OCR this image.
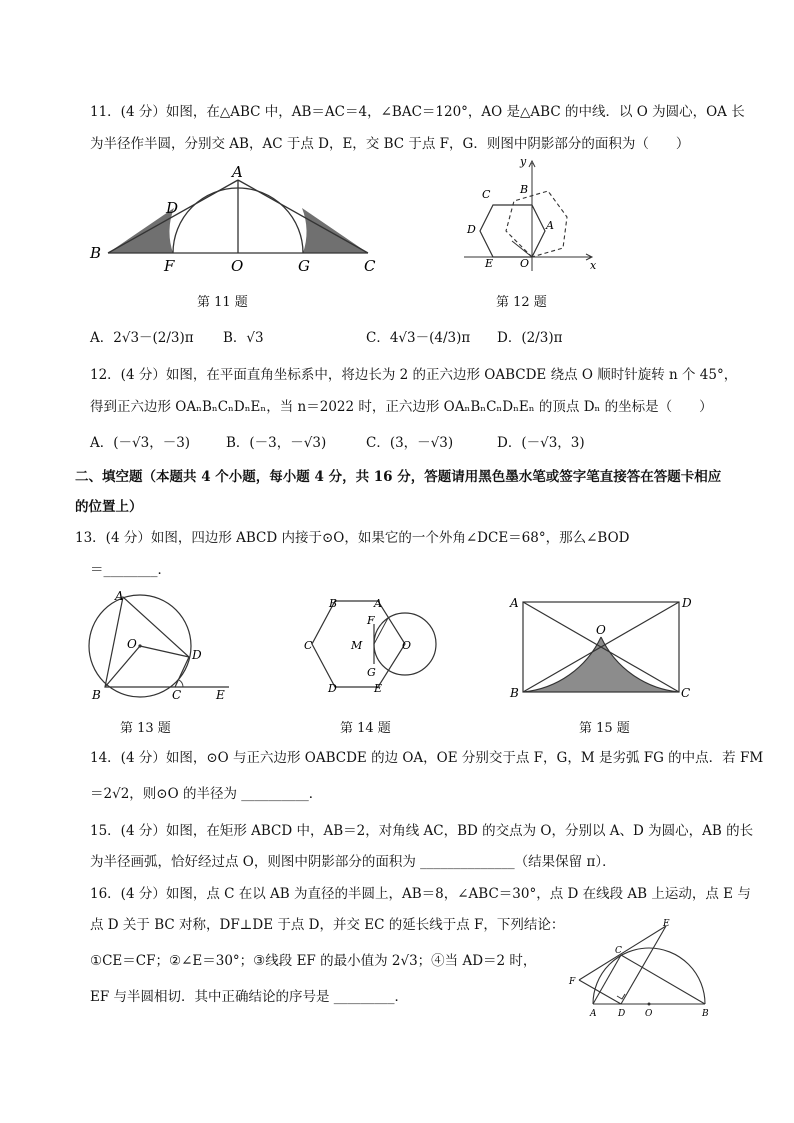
11．(4 分）如图，在△ABC 中，AB＝AC＝4，∠BAC＝120°，AO 是△ABC 的中线．以 O 为圆心，OA 长
为半径作半圆，分别交 AB，AC 于点 D，E，交 BC 于点 F，G．则图中阴影部分的面积为（　　）
A
B
C
D
F	O	G
y
x
O
A
B
C
D
E
第 11 题	第 12 题
A．2√3－(2/3)π B．√3	C．4√3－(4/3)π D．(2/3)π
12．(4 分）如图，在平面直角坐标系中，将边长为 2 的正六边形 OABCDE 绕点 O 顺时针旋转 n 个 45°，
得到正六边形 OAₙBₙCₙDₙEₙ，当 n＝2022 时，正六边形 OAₙBₙCₙDₙEₙ 的顶点 Dₙ 的坐标是（　　）
A．(－√3，－3)	B．(－3，－√3)	C．(3，－√3)	D．(－√3，3)
二、填空题（本题共 4 个小题，每小题 4 分，共 16 分，答题请用黑色墨水笔或签字笔直接答在答题卡相应
的位置上）
13．(4 分）如图，四边形 ABCD 内接于⊙O，如果它的一个外角∠DCE＝68°，那么∠BOD
＝________．
A
O
D
B	C	E
B	A
F
C	M	O
G
D	E
A	D
O
B	C
第 13 题	第 14 题	第 15 题
14．(4 分）如图，⊙O 与正六边形 OABCDE 的边 OA，OE 分别交于点 F，G，M 是劣弧 FG 的中点．若 FM
＝2√2，则⊙O 的半径为 __________．
15．(4 分）如图，在矩形 ABCD 中，AB＝2，对角线 AC，BD 的交点为 O，分别以 A、D 为圆心，AB 的长
为半径画弧，恰好经过点 O，则图中阴影部分的面积为 ______________（结果保留 π）．
16．(4 分）如图，点 C 在以 AB 为直径的半圆上，AB＝8，∠ABC＝30°，点 D 在线段 AB 上运动，点 E 与
点 D 关于 BC 对称，DF⊥DE 于点 D，并交 EC 的延长线于点 F，下列结论：
①CE＝CF；②∠E＝30°；③线段 EF 的最小值为 2√3；④当 AD＝2 时，
EF 与半圆相切．其中正确结论的序号是 _________．
E
C
F
A D O	B
